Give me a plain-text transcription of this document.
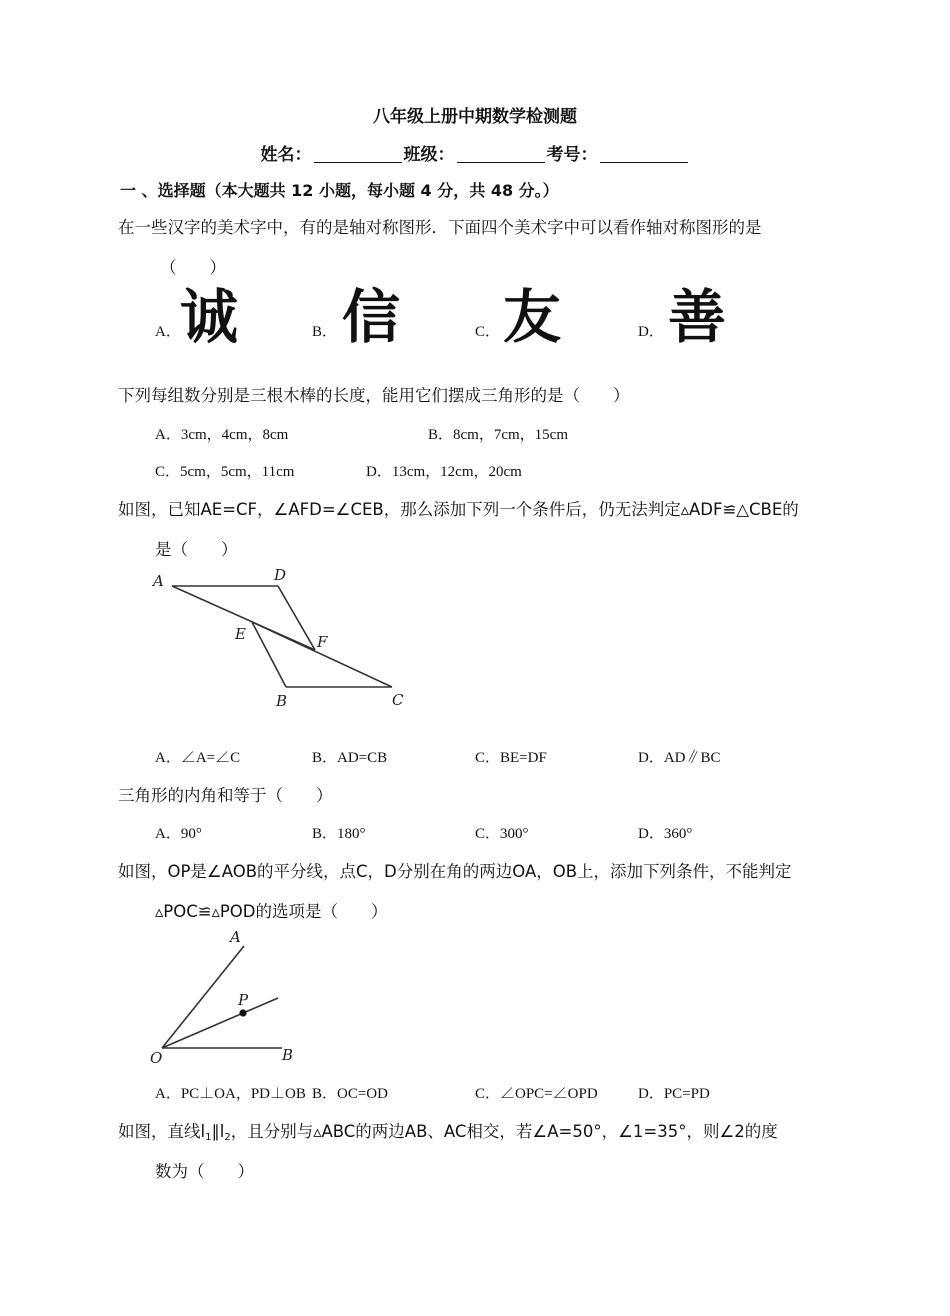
八年级上册中期数学检测题
姓名：	班级：	考号：
一 、选择题（本大题共 12 小题，每小题 4 分，共 48 分。）
在一些汉字的美术字中，有的是轴对称图形．下面四个美术字中可以看作轴对称图形的是
（　　）
A． 诚	B． 信	C． 友	D． 善
下列每组数分别是三根木棒的长度，能用它们摆成三角形的是（　　）
A．3cm，4cm，8cm	B．8cm，7cm，15cm
C．5cm，5cm，11cm	D．13cm，12cm，20cm
如图，已知AE=CF，∠AFD=∠CEB，那么添加下列一个条件后，仍无法判定▵ADF≌△CBE的
是（　　）
A	D
E	F
B	C
A．∠A=∠C	B．AD=CB	C．BE=DF	D．AD∥BC
三角形的内角和等于（　　）
A．90°	B．180°	C．300°	D．360°
如图，OP是∠AOB的平分线，点C，D分别在角的两边OA，OB上，添加下列条件，不能判定
▵POC≌▵POD的选项是（　　）
A
P
O	B
A．PC⊥OA，PD⊥OB B．OC=OD	C．∠OPC=∠OPD	D．PC=PD
如图，直线$l_1\parallel l_2$，且分别与▵ABC的两边AB、AC相交，若∠A=50°，∠1=35°，则∠2的度
数为（　　）
